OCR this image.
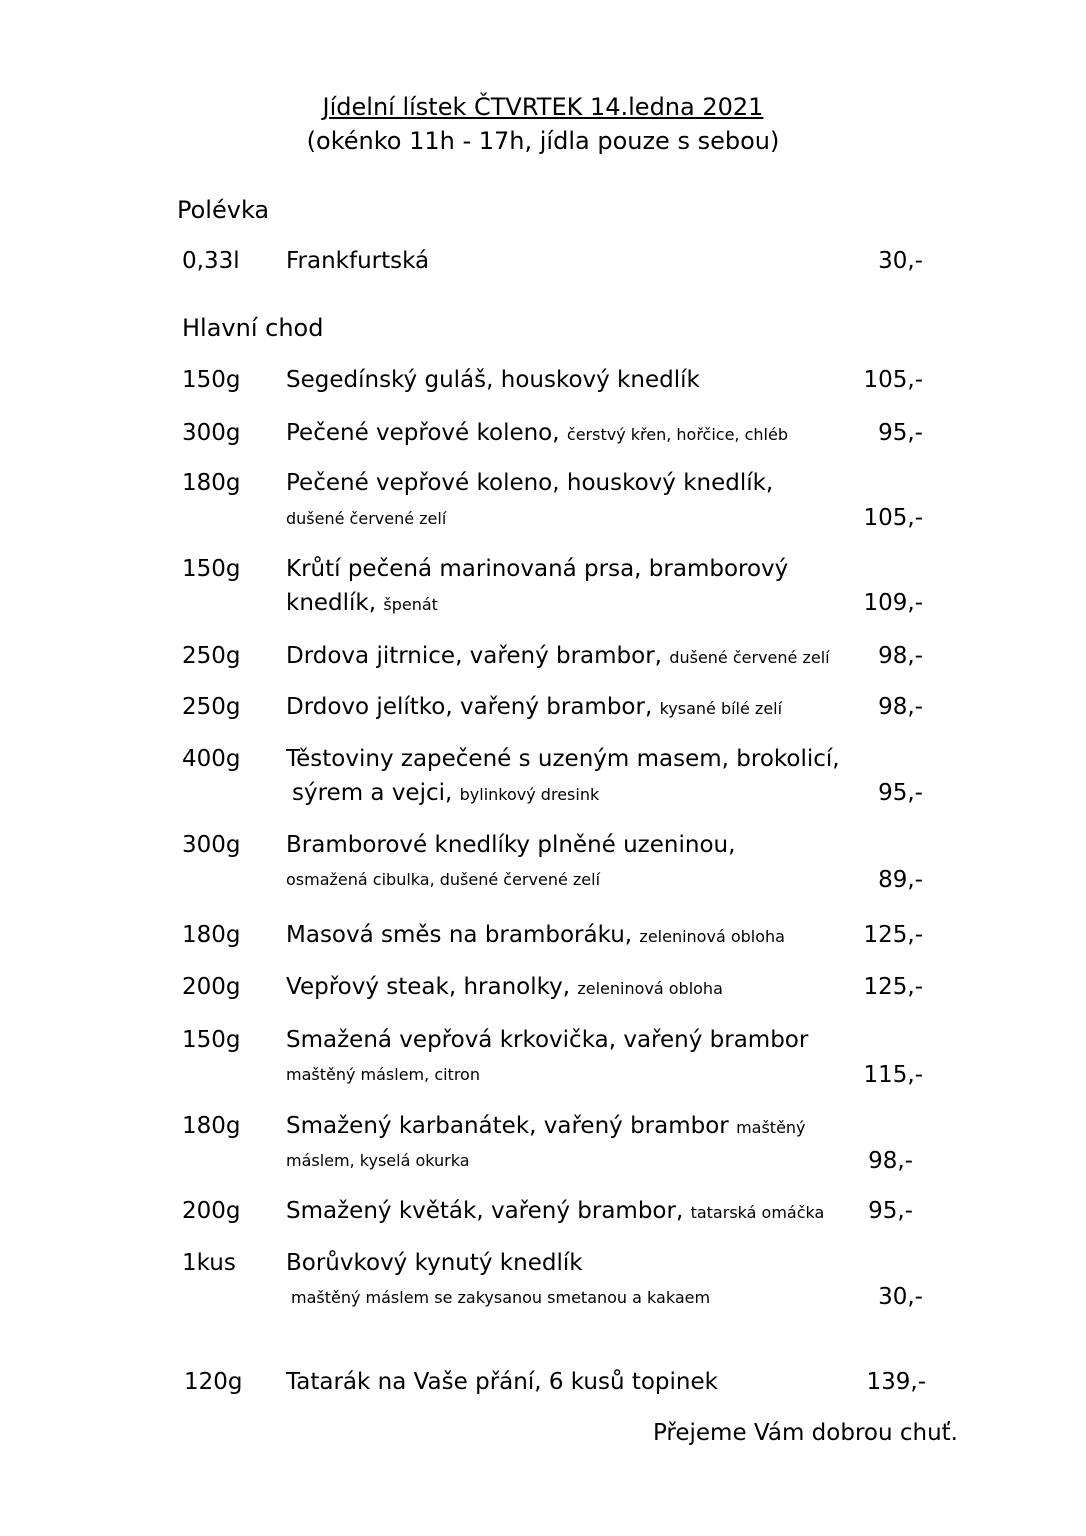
Jídelní lístek ČTVRTEK 14.ledna 2021
(okénko 11h - 17h, jídla pouze s sebou)
Polévka
0,33l Frankfurtská	30,-
Hlavní chod
150g Segedínský guláš, houskový knedlík	105,-
300g Pečené vepřové koleno, čerstvý křen, hořčice, chléb	95,-
180g Pečené vepřové koleno, houskový knedlík,
dušené červené zelí	105,-
150g Krůtí pečená marinovaná prsa, bramborový
knedlík, špenát	109,-
250g Drdova jitrnice, vařený brambor, dušené červené zelí	98,-
250g Drdovo jelítko, vařený brambor, kysané bílé zelí	98,-
400g Těstoviny zapečené s uzeným masem, brokolicí,
sýrem a vejci, bylinkový dresink	95,-
300g Bramborové knedlíky plněné uzeninou,
osmažená cibulka, dušené červené zelí	89,-
180g Masová směs na bramboráku, zeleninová obloha	125,-
200g Vepřový steak, hranolky, zeleninová obloha	125,-
150g Smažená vepřová krkovička, vařený brambor
maštěný máslem, citron	115,-
180g Smažený karbanátek, vařený brambor maštěný
máslem, kyselá okurka	98,-
200g Smažený květák, vařený brambor, tatarská omáčka	95,-
1kus Borůvkový kynutý knedlík
maštěný máslem se zakysanou smetanou a kakaem	30,-
120g Tatarák na Vaše přání, 6 kusů topinek	139,-
Přejeme Vám dobrou chuť.
